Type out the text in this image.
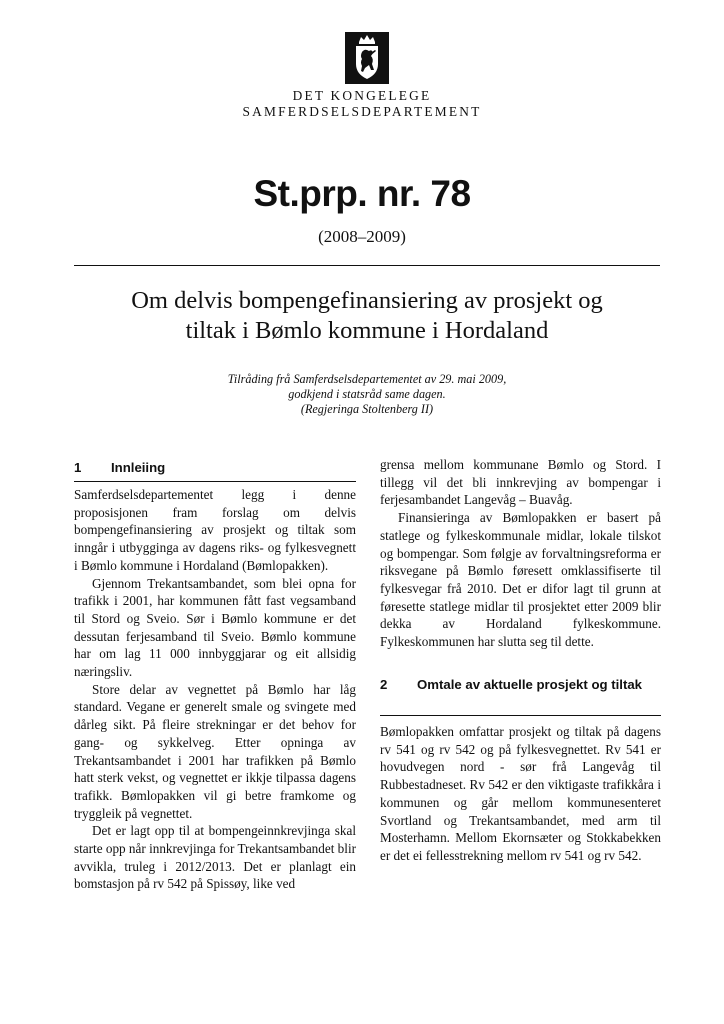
DET KONGELEGE
SAMFERDSELSDEPARTEMENT
St.prp. nr. 78
(2008–2009)
Om delvis bompengefinansiering av prosjekt og
tiltak i Bømlo kommune i Hordaland
Tilråding frå Samferdselsdepartementet av 29. mai 2009,
godkjend i statsråd same dagen.
(Regjeringa Stoltenberg II)
1 Innleiing

Samferdselsdepartementet legg i denne proposisjonen fram forslag om delvis bompengefinansiering av prosjekt og tiltak som inngår i utbygginga av dagens riks- og fylkesvegnett i Bømlo kommune i Hordaland (Bømlopakken).

Gjennom Trekantsambandet, som blei opna for trafikk i 2001, har kommunen fått fast vegsamband til Stord og Sveio. Sør i Bømlo kommune er det dessutan ferjesamband til Sveio. Bømlo kommune har om lag 11 000 innbyggjarar og eit allsidig næringsliv.

Store delar av vegnettet på Bømlo har låg standard. Vegane er generelt smale og svingete med dårleg sikt. På fleire strekningar er det behov for gang- og sykkelveg. Etter opninga av Trekantsambandet i 2001 har trafikken på Bømlo hatt sterk vekst, og vegnettet er ikkje tilpassa dagens trafikk. Bømlopakken vil gi betre framkome og tryggleik på vegnettet.

Det er lagt opp til at bompengeinnkrevjinga skal starte opp når innkrevjinga for Trekantsambandet blir avvikla, truleg i 2012/2013. Det er planlagt ein bomstasjon på rv 542 på Spissøy, like ved

grensa mellom kommunane Bømlo og Stord. I tillegg vil det bli innkrevjing av bompengar i ferjesambandet Langevåg – Buavåg.

Finansieringa av Bømlopakken er basert på statlege og fylkeskommunale midlar, lokale tilskot og bompengar. Som følgje av forvaltningsreforma er riksvegane på Bømlo føresett omklassifiserte til fylkesvegar frå 2010. Det er difor lagt til grunn at føresette statlege midlar til prosjektet etter 2009 blir dekka av Hordaland fylkeskommune. Fylkeskommunen har slutta seg til dette.

2 Omtale av aktuelle prosjekt og tiltak

Bømlopakken omfattar prosjekt og tiltak på dagens rv 541 og rv 542 og på fylkesvegnettet. Rv 541 er hovudvegen nord - sør frå Langevåg til Rubbestadneset. Rv 542 er den viktigaste trafikkåra i kommunen og går mellom kommunesenteret Svortland og Trekantsambandet, med arm til Mosterhamn. Mellom Ekornsæter og Stokkabekken er det ei fellesstrekning mellom rv 541 og rv 542.
